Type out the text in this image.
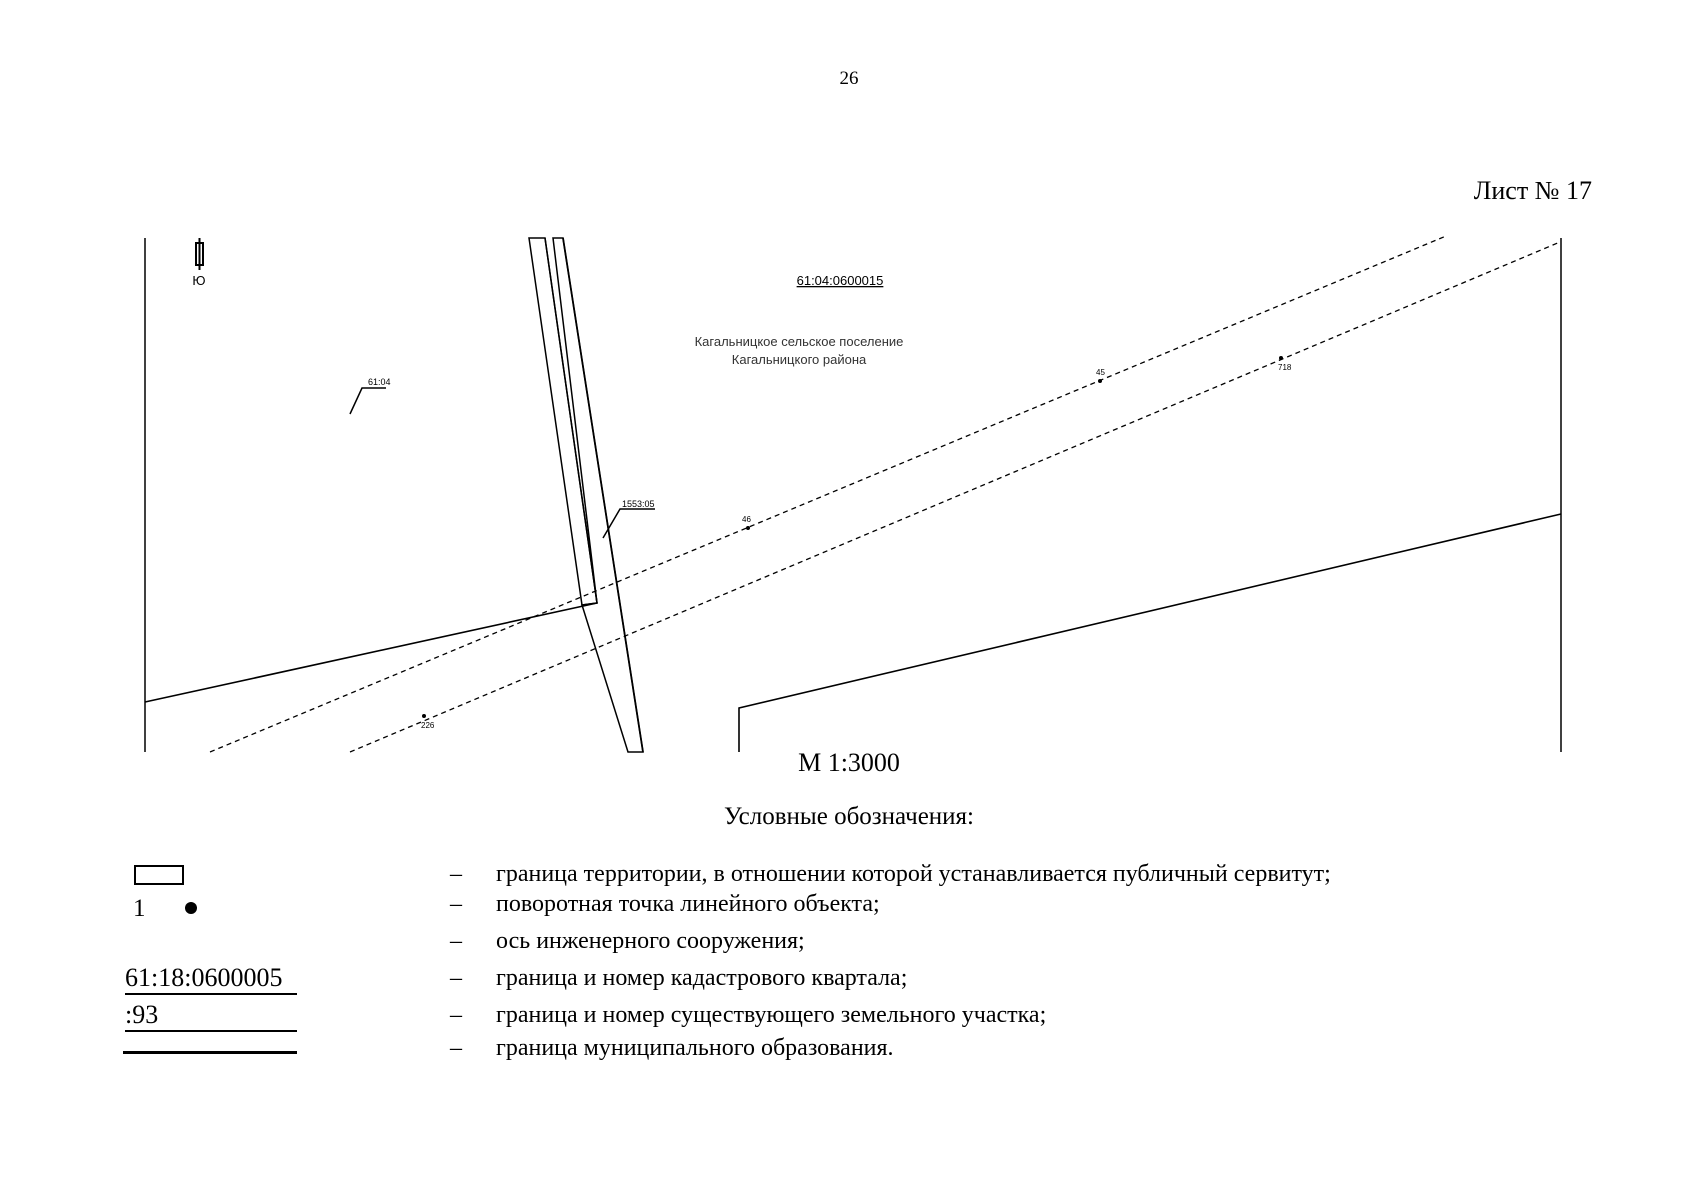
26
Лист № 17
Ю	61:04:0600015
Кагальницкое сельское поселение
Кагальницкого района
61:04
1553:05
45
46
718
226
М 1:3000
Условные обозначения:
– граница территории, в отношении которой устанавливается публичный сервитут;
1	– поворотная точка линейного объекта;
– ось инженерного сооружения;
61:18:0600005	– граница и номер кадастрового квартала;
:93	– граница и номер существующего земельного участка;
– граница муниципального образования.
